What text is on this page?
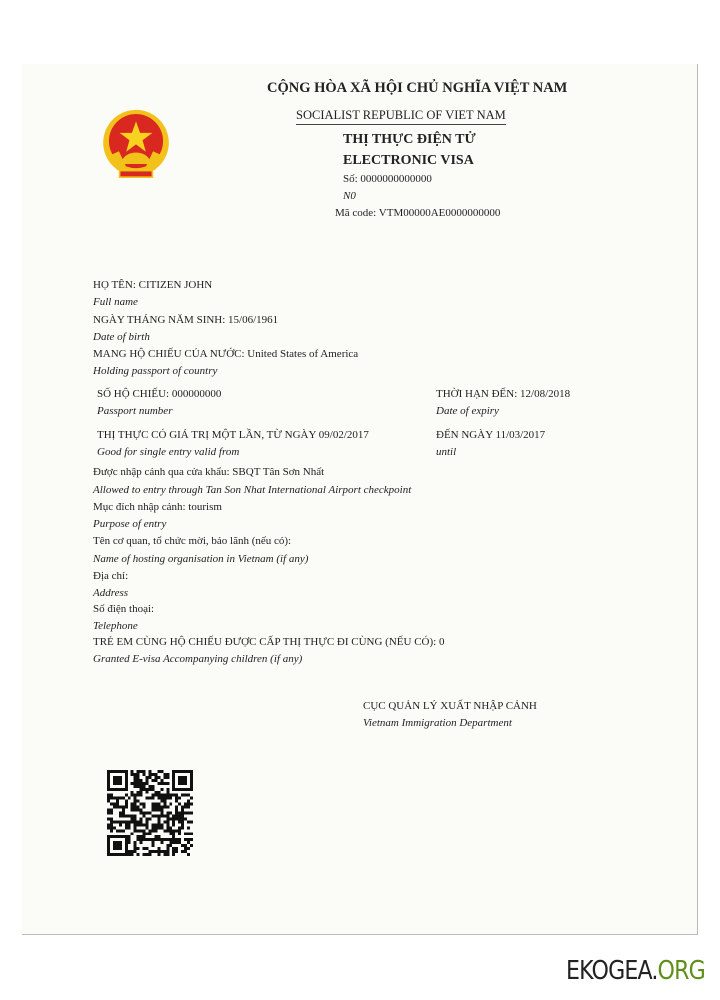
CỘNG HÒA XÃ HỘI CHỦ NGHĨA VIỆT NAM
SOCIALIST REPUBLIC OF VIET NAM
THỊ THỰC ĐIỆN TỬ
ELECTRONIC VISA
Số: 0000000000000
N0
Mã code: VTM00000AE0000000000
HỌ TÊN: CITIZEN JOHN
Full name
NGÀY THÁNG NĂM SINH: 15/06/1961
Date of birth
MANG HỘ CHIẾU CỦA NƯỚC: United States of America
Holding passport of country
SỐ HỘ CHIẾU: 000000000
Passport number
THỜI HẠN ĐẾN: 12/08/2018
Date of expiry
THỊ THỰC CÓ GIÁ TRỊ MỘT LẦN, TỪ NGÀY 09/02/2017
Good for single entry valid from
ĐẾN NGÀY 11/03/2017
until
Được nhập cảnh qua cửa khẩu: SBQT Tân Sơn Nhất
Allowed to entry through Tan Son Nhat International Airport checkpoint
Mục đích nhập cảnh: tourism
Purpose of entry
Tên cơ quan, tổ chức mời, bảo lãnh (nếu có):
Name of hosting organisation in Vietnam (if any)
Địa chỉ:
Address
Số điện thoại:
Telephone
TRẺ EM CÙNG HỘ CHIẾU ĐƯỢC CẤP THỊ THỰC ĐI CÙNG (NẾU CÓ): 0
Granted E-visa Accompanying children (if any)
CỤC QUẢN LÝ XUẤT NHẬP CẢNH
Vietnam Immigration Department
EKOGEA.ORG
